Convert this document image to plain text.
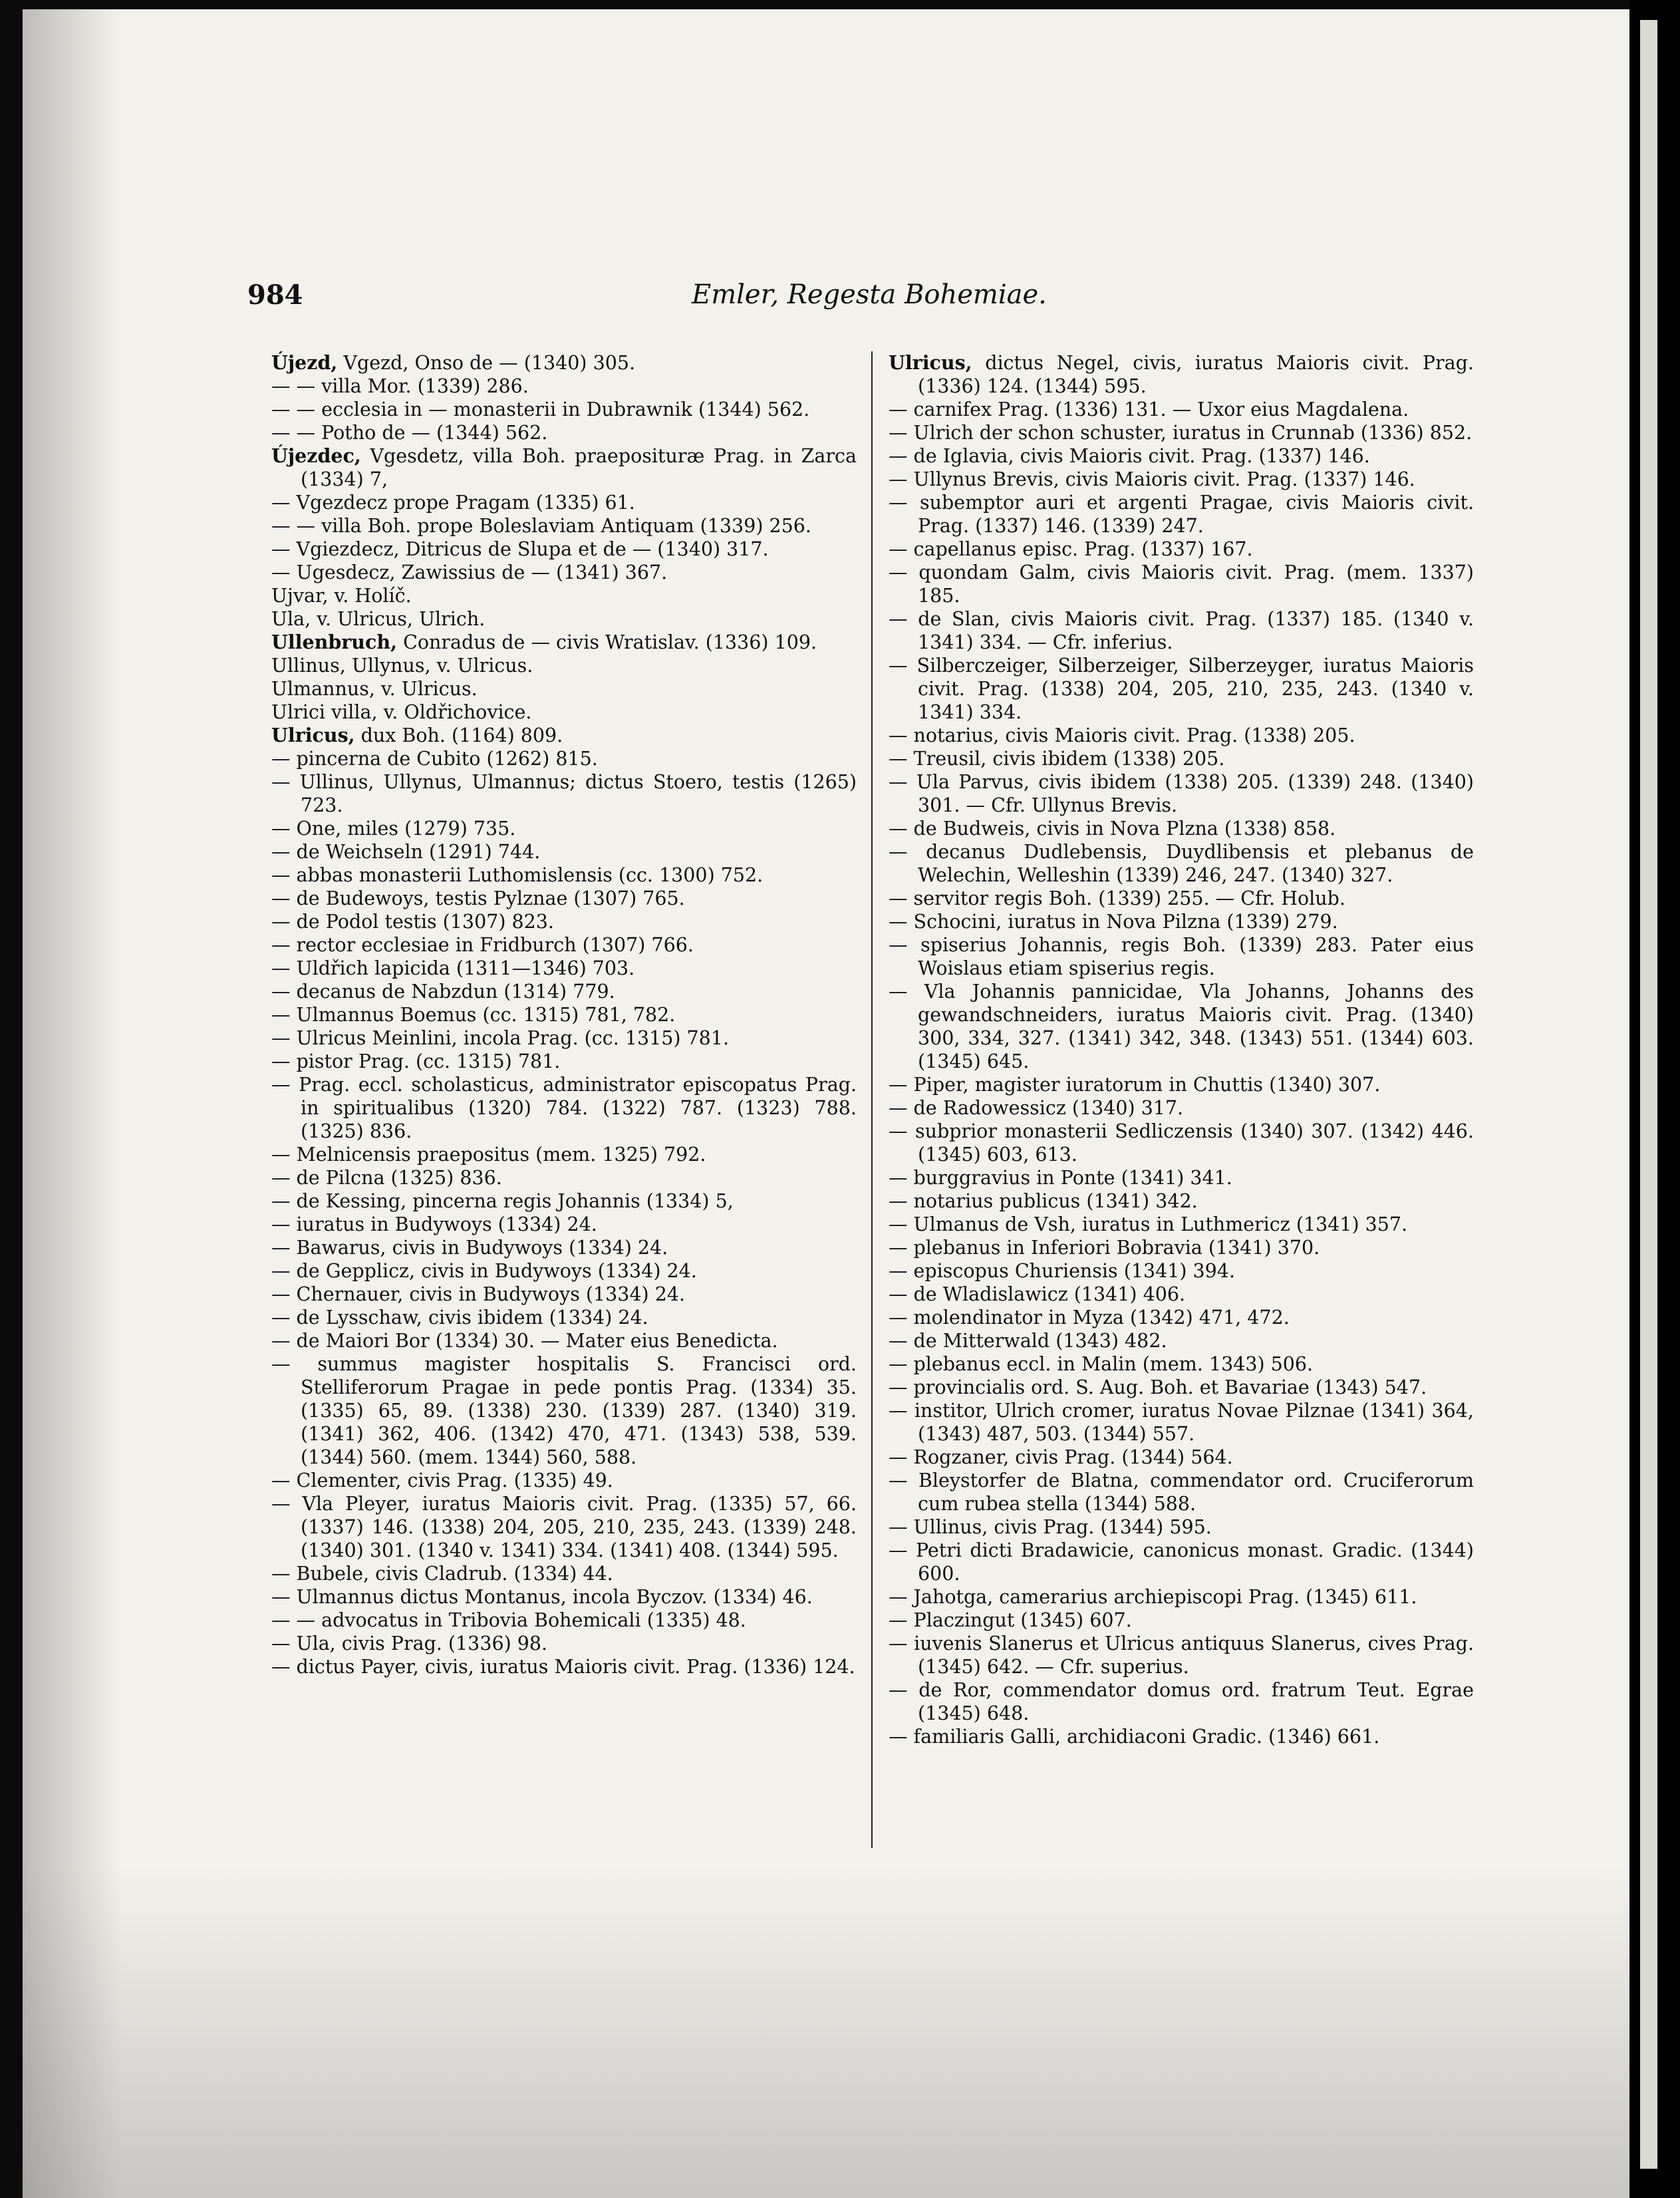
984	Emler, Regesta Bohemiae.

Újezd, Vgezd, Onso de — (1340) 305.

— — villa Mor. (1339) 286.

— — ecclesia in — monasterii in Dubrawnik (1344) 562.

— — Potho de — (1344) 562.

Újezdec, Vgesdetz, villa Boh. praeposituræ Prag. in Zarca (1334) 7,

— Vgezdecz prope Pragam (1335) 61.

— — villa Boh. prope Boleslaviam Antiquam (1339) 256.

— Vgiezdecz, Ditricus de Slupa et de — (1340) 317.

— Ugesdecz, Zawissius de — (1341) 367.

Ujvar, v. Holíč.

Ula, v. Ulricus, Ulrich.

Ullenbruch, Conradus de — civis Wratislav. (1336) 109.

Ullinus, Ullynus, v. Ulricus.

Ulmannus, v. Ulricus.

Ulrici villa, v. Oldřichovice.

Ulricus, dux Boh. (1164) 809.

— pincerna de Cubito (1262) 815.

— Ullinus, Ullynus, Ulmannus; dictus Stoero, testis (1265) 723.

— One, miles (1279) 735.

— de Weichseln (1291) 744.

— abbas monasterii Luthomislensis (cc. 1300) 752.

— de Budewoys, testis Pylznae (1307) 765.

— de Podol testis (1307) 823.

— rector ecclesiae in Fridburch (1307) 766.

— Uldřich lapicida (1311—1346) 703.

— decanus de Nabzdun (1314) 779.

— Ulmannus Boemus (cc. 1315) 781, 782.

— Ulricus Meinlini, incola Prag. (cc. 1315) 781.

— pistor Prag. (cc. 1315) 781.

— Prag. eccl. scholasticus, administrator episcopatus Prag. in spiritualibus (1320) 784. (1322) 787. (1323) 788. (1325) 836.

— Melnicensis praepositus (mem. 1325) 792.

— de Pilcna (1325) 836.

— de Kessing, pincerna regis Johannis (1334) 5,

— iuratus in Budywoys (1334) 24.

— Bawarus, civis in Budywoys (1334) 24.

— de Gepplicz, civis in Budywoys (1334) 24.

— Chernauer, civis in Budywoys (1334) 24.

— de Lysschaw, civis ibidem (1334) 24.

— de Maiori Bor (1334) 30. — Mater eius Benedicta.

— summus magister hospitalis S. Francisci ord. Stelliferorum Pragae in pede pontis Prag. (1334) 35. (1335) 65, 89. (1338) 230. (1339) 287. (1340) 319. (1341) 362, 406. (1342) 470, 471. (1343) 538, 539. (1344) 560. (mem. 1344) 560, 588.

— Clementer, civis Prag. (1335) 49.

— Vla Pleyer, iuratus Maioris civit. Prag. (1335) 57, 66. (1337) 146. (1338) 204, 205, 210, 235, 243. (1339) 248. (1340) 301. (1340 v. 1341) 334. (1341) 408. (1344) 595.

— Bubele, civis Cladrub. (1334) 44.

— Ulmannus dictus Montanus, incola Byczov. (1334) 46.

— — advocatus in Tribovia Bohemicali (1335) 48.

— Ula, civis Prag. (1336) 98.

— dictus Payer, civis, iuratus Maioris civit. Prag. (1336) 124.

Ulricus, dictus Negel, civis, iuratus Maioris civit. Prag. (1336) 124. (1344) 595.

— carnifex Prag. (1336) 131. — Uxor eius Magdalena.

— Ulrich der schon schuster, iuratus in Crunnab (1336) 852.

— de Iglavia, civis Maioris civit. Prag. (1337) 146.

— Ullynus Brevis, civis Maioris civit. Prag. (1337) 146.

— subemptor auri et argenti Pragae, civis Maioris civit. Prag. (1337) 146. (1339) 247.

— capellanus episc. Prag. (1337) 167.

— quondam Galm, civis Maioris civit. Prag. (mem. 1337) 185.

— de Slan, civis Maioris civit. Prag. (1337) 185. (1340 v. 1341) 334. — Cfr. inferius.

— Silberczeiger, Silberzeiger, Silberzeyger, iuratus Maioris civit. Prag. (1338) 204, 205, 210, 235, 243. (1340 v. 1341) 334.

— notarius, civis Maioris civit. Prag. (1338) 205.

— Treusil, civis ibidem (1338) 205.

— Ula Parvus, civis ibidem (1338) 205. (1339) 248. (1340) 301. — Cfr. Ullynus Brevis.

— de Budweis, civis in Nova Plzna (1338) 858.

— decanus Dudlebensis, Duydlibensis et plebanus de Welechin, Welleshin (1339) 246, 247. (1340) 327.

— servitor regis Boh. (1339) 255. — Cfr. Holub.

— Schocini, iuratus in Nova Pilzna (1339) 279.

— spiserius Johannis, regis Boh. (1339) 283. Pater eius Woislaus etiam spiserius regis.

— Vla Johannis pannicidae, Vla Johanns, Johanns des gewandschneiders, iuratus Maioris civit. Prag. (1340) 300, 334, 327. (1341) 342, 348. (1343) 551. (1344) 603. (1345) 645.

— Piper, magister iuratorum in Chuttis (1340) 307.

— de Radowessicz (1340) 317.

— subprior monasterii Sedliczensis (1340) 307. (1342) 446. (1345) 603, 613.

— burggravius in Ponte (1341) 341.

— notarius publicus (1341) 342.

— Ulmanus de Vsh, iuratus in Luthmericz (1341) 357.

— plebanus in Inferiori Bobravia (1341) 370.

— episcopus Churiensis (1341) 394.

— de Wladislawicz (1341) 406.

— molendinator in Myza (1342) 471, 472.

— de Mitterwald (1343) 482.

— plebanus eccl. in Malin (mem. 1343) 506.

— provincialis ord. S. Aug. Boh. et Bavariae (1343) 547.

— institor, Ulrich cromer, iuratus Novae Pilznae (1341) 364, (1343) 487, 503. (1344) 557.

— Rogzaner, civis Prag. (1344) 564.

— Bleystorfer de Blatna, commendator ord. Cruciferorum cum rubea stella (1344) 588.

— Ullinus, civis Prag. (1344) 595.

— Petri dicti Bradawicie, canonicus monast. Gradic. (1344) 600.

— Jahotga, camerarius archiepiscopi Prag. (1345) 611.

— Placzingut (1345) 607.

— iuvenis Slanerus et Ulricus antiquus Slanerus, cives Prag. (1345) 642. — Cfr. superius.

— de Ror, commendator domus ord. fratrum Teut. Egrae (1345) 648.

— familiaris Galli, archidiaconi Gradic. (1346) 661.
